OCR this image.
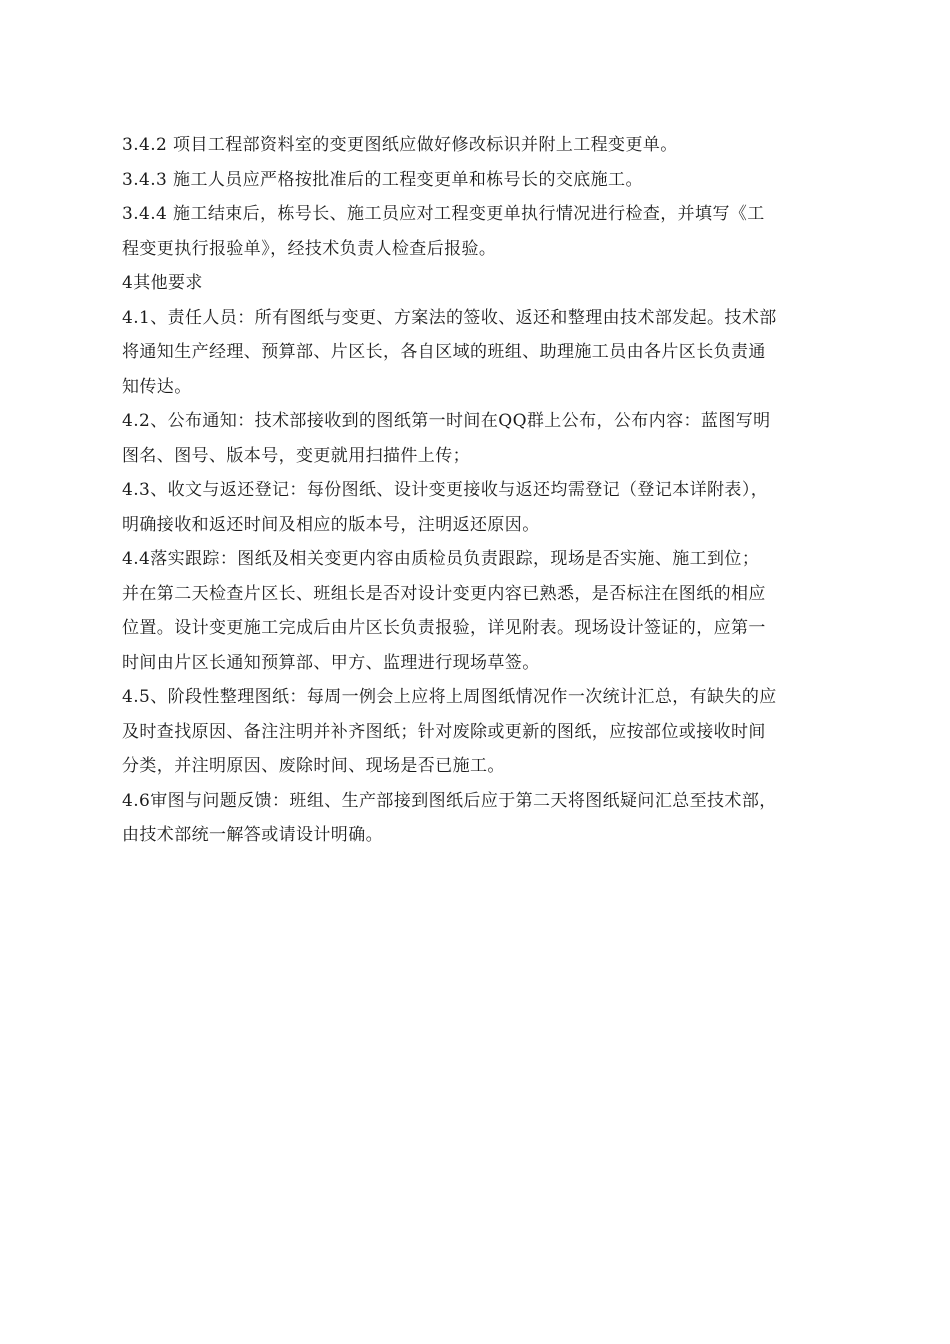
3.4.2 项目工程部资料室的变更图纸应做好修改标识并附上工程变更单。
3.4.3 施工人员应严格按批准后的工程变更单和栋号长的交底施工。
3.4.4 施工结束后，栋号长、施工员应对工程变更单执行情况进行检查，并填写《工
程变更执行报验单》，经技术负责人检查后报验。
4其他要求
4.1、责任人员：所有图纸与变更、方案法的签收、返还和整理由技术部发起。技术部
将通知生产经理、预算部、片区长，各自区域的班组、助理施工员由各片区长负责通
知传达。
4.2、公布通知：技术部接收到的图纸第一时间在QQ群上公布，公布内容：蓝图写明
图名、图号、版本号，变更就用扫描件上传；
4.3、收文与返还登记：每份图纸、设计变更接收与返还均需登记（登记本详附表），
明确接收和返还时间及相应的版本号，注明返还原因。
4.4落实跟踪：图纸及相关变更内容由质检员负责跟踪，现场是否实施、施工到位；
并在第二天检查片区长、班组长是否对设计变更内容已熟悉，是否标注在图纸的相应
位置。设计变更施工完成后由片区长负责报验，详见附表。现场设计签证的，应第一
时间由片区长通知预算部、甲方、监理进行现场草签。
4.5、阶段性整理图纸：每周一例会上应将上周图纸情况作一次统计汇总，有缺失的应
及时查找原因、备注注明并补齐图纸；针对废除或更新的图纸，应按部位或接收时间
分类，并注明原因、废除时间、现场是否已施工。
4.6审图与问题反馈：班组、生产部接到图纸后应于第二天将图纸疑问汇总至技术部，
由技术部统一解答或请设计明确。
